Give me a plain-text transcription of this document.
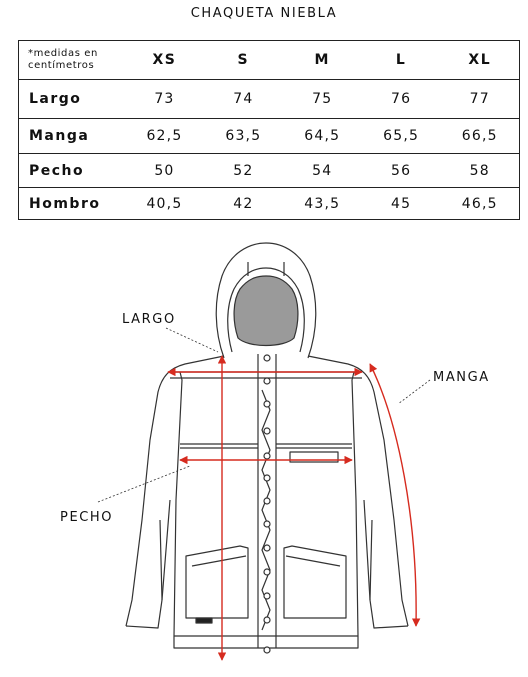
CHAQUETA NIEBLA
*medidas en centímetros	XS	S	M	L	XL
Largo	73	74	75	76	77
Manga	62,5	63,5	64,5	65,5	66,5
Pecho	50	52	54	56	58
Hombro	40,5	42	43,5	45	46,5
LARGO
MANGA
PECHO
